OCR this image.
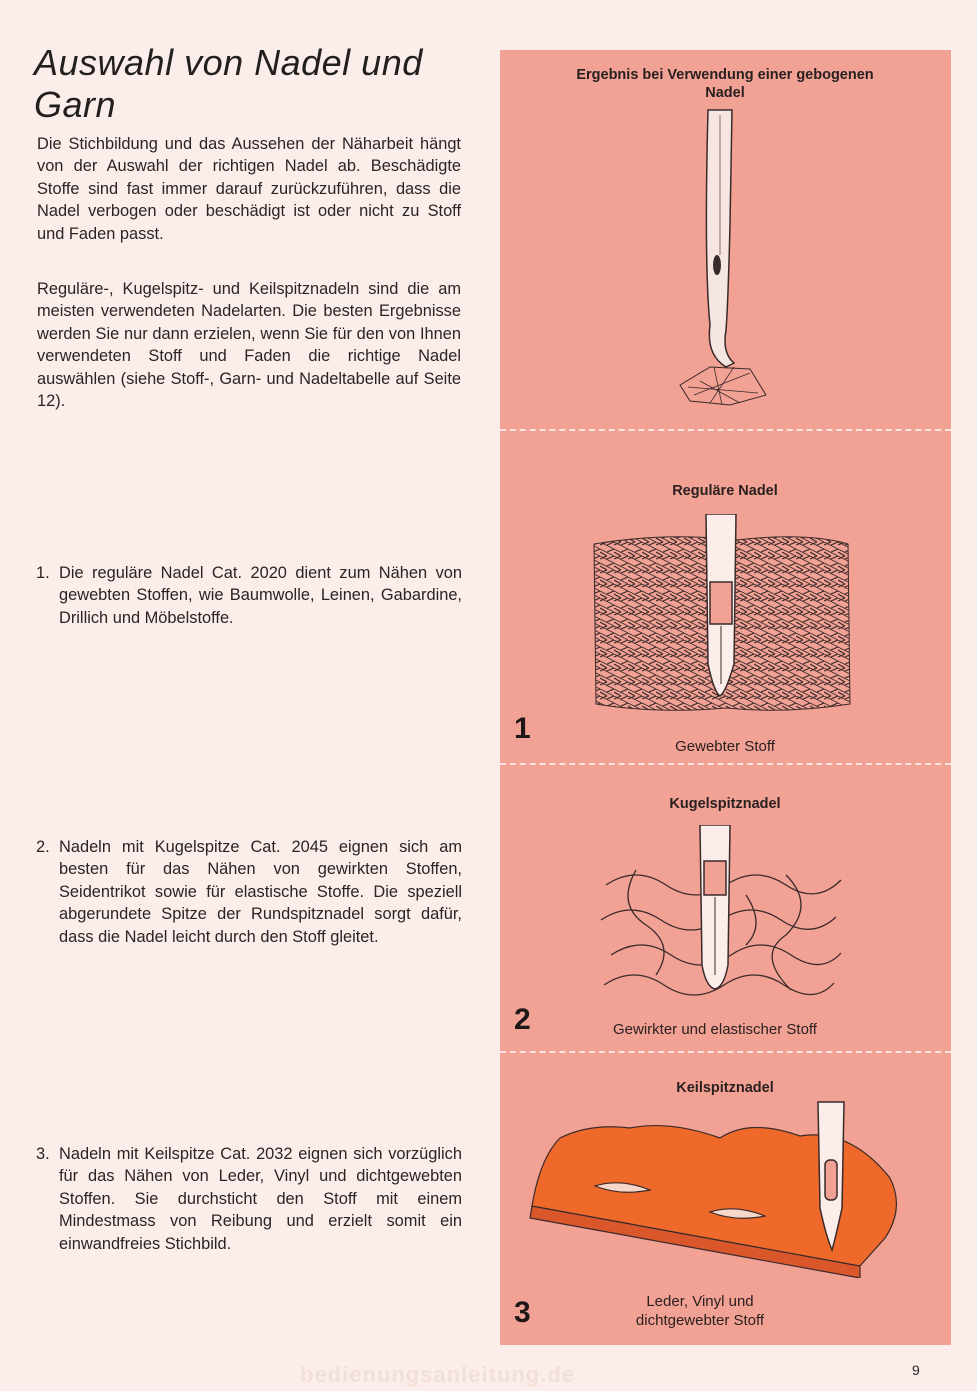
Auswahl von Nadel und Garn

Die Stichbildung und das Aussehen der Näharbeit hängt von der Auswahl der richtigen Nadel ab. Beschädigte Stoffe sind fast immer darauf zurückzuführen, dass die Nadel verbogen oder beschädigt ist oder nicht zu Stoff und Faden passt.

Reguläre-, Kugelspitz- und Keilspitznadeln sind die am meisten verwendeten Nadelarten. Die besten Ergebnisse werden Sie nur dann erzielen, wenn Sie für den von Ihnen verwendeten Stoff und Faden die richtige Nadel auswählen (siehe Stoff-, Garn- und Nadeltabelle auf Seite 12).

1. Die reguläre Nadel Cat. 2020 dient zum Nähen von gewebten Stoffen, wie Baumwolle, Leinen, Gabardine, Drillich und Möbelstoffe.
2. Nadeln mit Kugelspitze Cat. 2045 eignen sich am besten für das Nähen von gewirkten Stoffen, Seidentrikot sowie für elastische Stoffe. Die speziell abgerundete Spitze der Rundspitznadel sorgt dafür, dass die Nadel leicht durch den Stoff gleitet.
3. Nadeln mit Keilspitze Cat. 2032 eignen sich vorzüglich für das Nähen von Leder, Vinyl und dichtgewebten Stoffen. Sie durchsticht den Stoff mit einem Mindestmass von Reibung und erzielt somit ein einwandfreies Stichbild.
Ergebnis bei Verwendung einer gebogenen Nadel
Reguläre Nadel
1
Gewebter Stoff
Kugelspitznadel
2	Gewirkter und elastischer Stoff
Keilspitznadel
3	Leder, Vinyl und dichtgewebter Stoff
bedienungsanleitung.de	9
